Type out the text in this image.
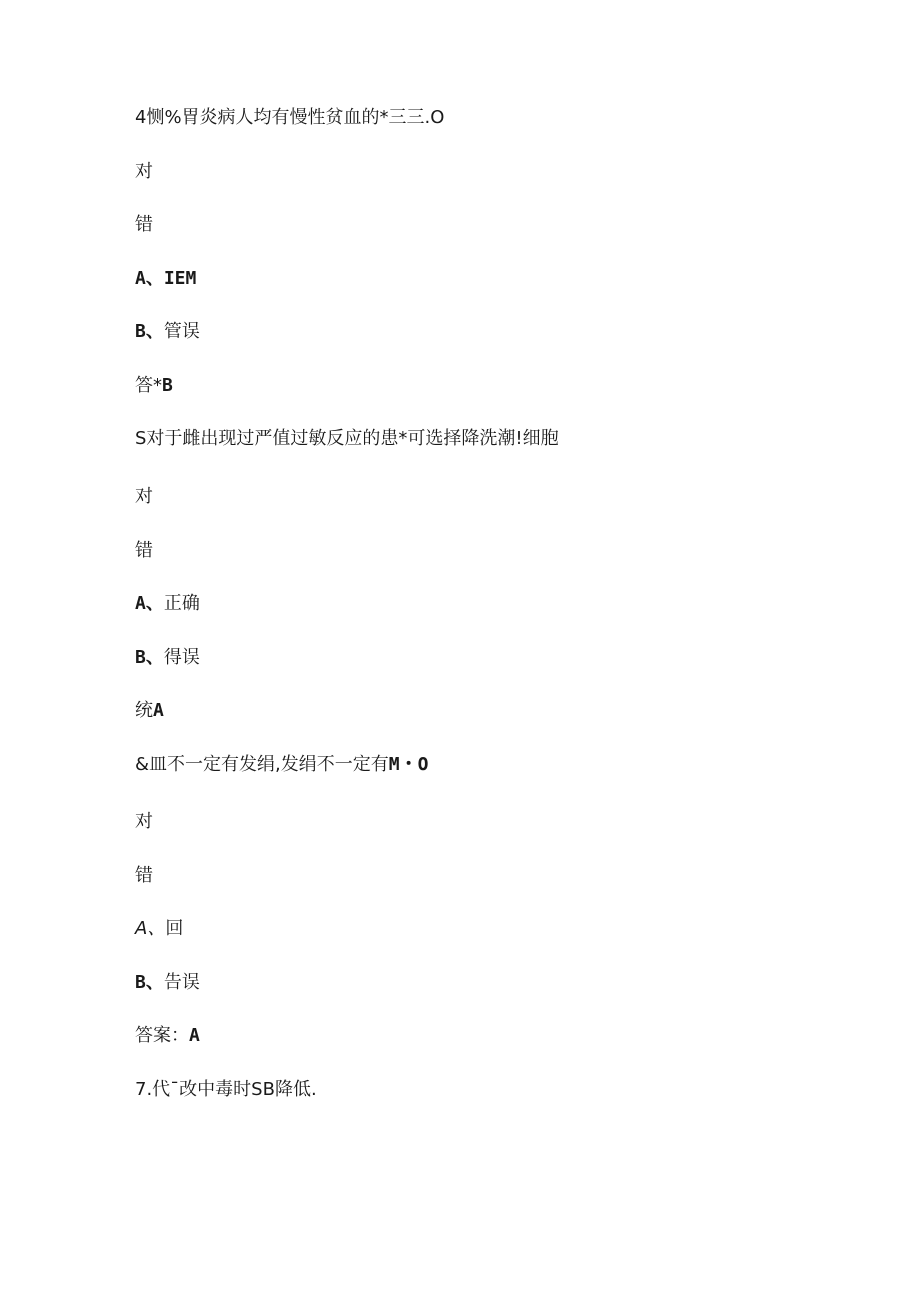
4恻%胃炎病人均有慢性贫血的*三三.O
对
错
A、IEM
B、管误
答*B
S对于雌出现过严值过敏反应的患*可选择降洗潮!细胞
对
错
A、正确
B、得误
统A
&皿不一定有发绢,发绢不一定有M・O
对
错
A、回
B、告误
答案：A
7.代¯改中毒时SB降低.
